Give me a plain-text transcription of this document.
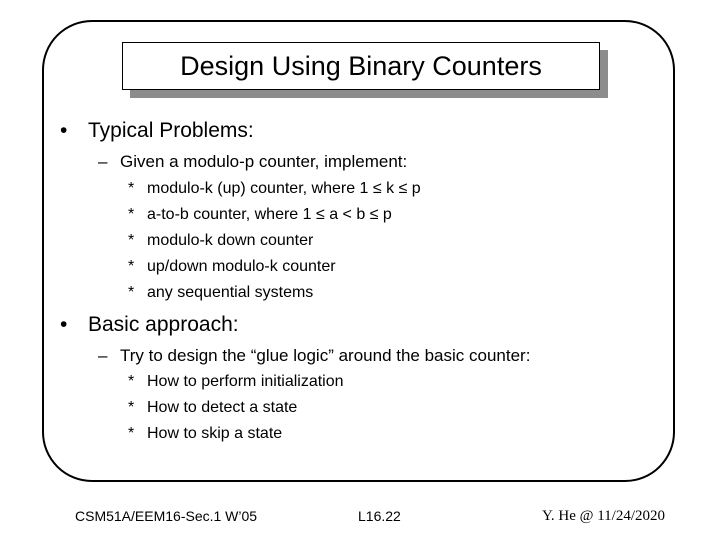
Design Using Binary Counters
• Typical Problems:
– Given a modulo-p counter, implement:
* modulo-k (up) counter, where 1 ≤ k ≤ p
* a-to-b counter, where 1 ≤ a < b ≤ p
* modulo-k down counter
* up/down modulo-k counter
* any sequential systems
• Basic approach:
– Try to design the “glue logic” around the basic counter:
* How to perform initialization
* How to detect a state
* How to skip a state
CSM51A/EEM16-Sec.1 W’05	L16.22	Y. He @ 11/24/2020
